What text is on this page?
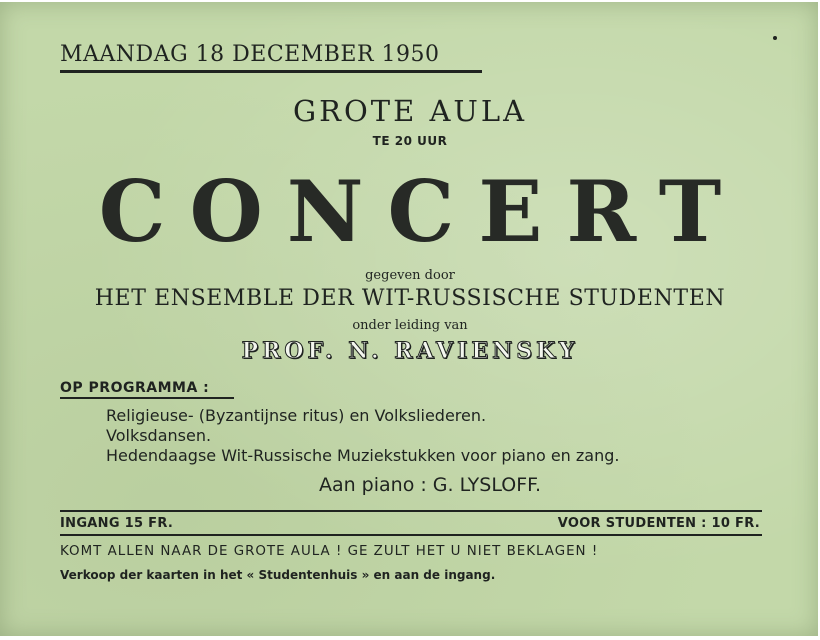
MAANDAG 18 DECEMBER 1950
GROTE AULA
TE 20 UUR
CONCERT
gegeven door
HET ENSEMBLE DER WIT-RUSSISCHE STUDENTEN
onder leiding van
PROF. N. RAVIENSKY
OP PROGRAMMA :
Religieuse- (Byzantijnse ritus) en Volksliederen.
Volksdansen.
Hedendaagse Wit-Russische Muziekstukken voor piano en zang.
Aan piano : G. LYSLOFF.
INGANG 15 FR.	VOOR STUDENTEN : 10 FR.
KOMT ALLEN NAAR DE GROTE AULA ! GE ZULT HET U NIET BEKLAGEN !
Verkoop der kaarten in het « Studentenhuis » en aan de ingang.
